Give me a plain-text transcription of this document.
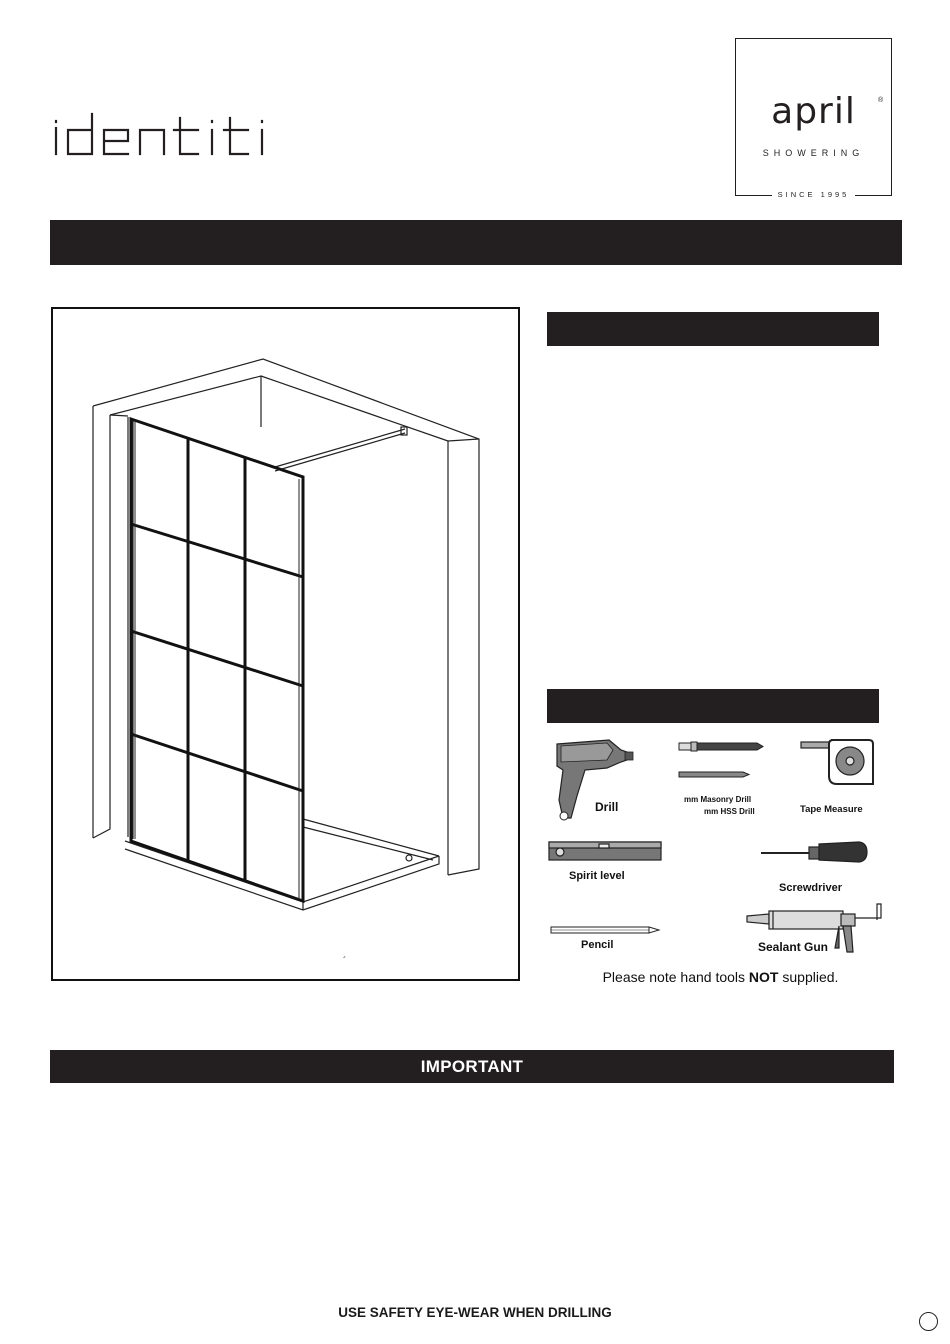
april	®
SHOWERING
SINCE 1995
´
Drill
mm Masonry Drill
mm HSS Drill	Tape Measure
Spirit level
Screwdriver
Pencil	Sealant Gun
Please note hand tools NOT supplied.
IMPORTANT
USE SAFETY EYE-WEAR WHEN DRILLING
